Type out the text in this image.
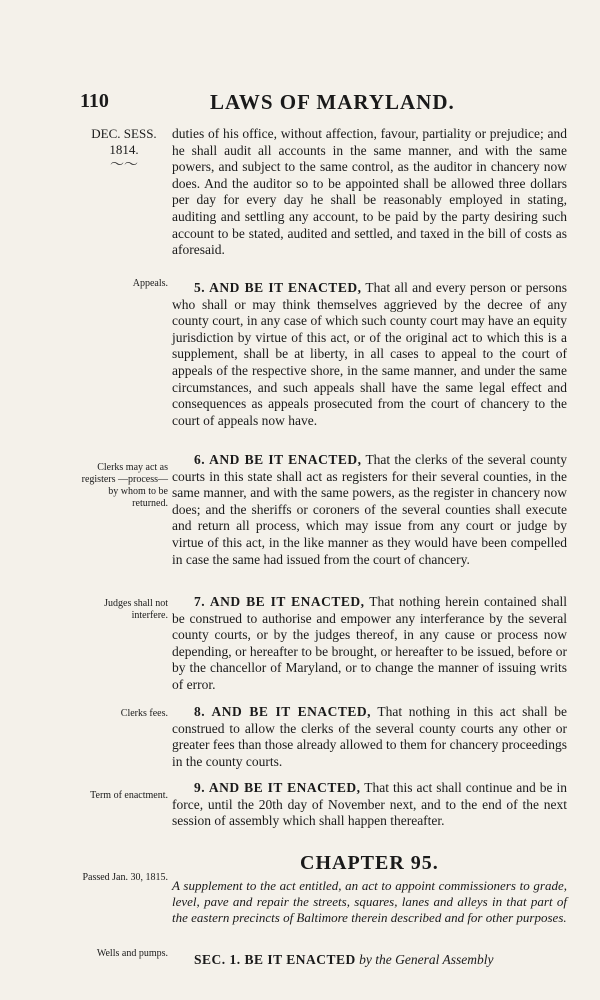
110	LAWS OF MARYLAND.
DEC. SESS. 1814.
〜〜
Appeals.
Clerks may act as registers —process—by whom to be returned.
Judges shall not interfere.
Clerks fees.
Term of enactment.
Passed Jan. 30, 1815.
Wells and pumps.

duties of his office, without affection, favour, partiality or prejudice; and he shall audit all accounts in the same manner, and with the same powers, and subject to the same control, as the auditor in chancery now does. And the auditor so to be appointed shall be allowed three dollars per day for every day he shall be reasonably employed in stating, auditing and settling any account, to be paid by the party desiring such account to be stated, audited and settled, and taxed in the bill of costs as aforesaid.

5. AND BE IT ENACTED, That all and every person or persons who shall or may think themselves aggrieved by the decree of any county court, in any case of which such county court may have an equity jurisdiction by virtue of this act, or of the original act to which this is a supplement, shall be at liberty, in all cases to appeal to the court of appeals of the respective shore, in the same manner, and under the same circumstances, and such appeals shall have the same legal effect and consequences as appeals prosecuted from the court of chancery to the court of appeals now have.

6. AND BE IT ENACTED, That the clerks of the several county courts in this state shall act as registers for their several counties, in the same manner, and with the same powers, as the register in chancery now does; and the sheriffs or coroners of the several counties shall execute and return all process, which may issue from any court or judge by virtue of this act, in the like manner as they would have been compelled in case the same had issued from the court of chancery.

7. AND BE IT ENACTED, That nothing herein contained shall be construed to authorise and empower any interferance by the several county courts, or by the judges thereof, in any cause or process now depending, or hereafter to be brought, or hereafter to be issued, before or by the chancellor of Maryland, or to change the manner of issuing writs of error.

8. AND BE IT ENACTED, That nothing in this act shall be construed to allow the clerks of the several county courts any other or greater fees than those already allowed to them for chancery proceedings in the county courts.

9. AND BE IT ENACTED, That this act shall continue and be in force, until the 20th day of November next, and to the end of the next session of assembly which shall happen thereafter.

CHAPTER 95.
A supplement to the act entitled, an act to appoint commissioners to grade, level, pave and repair the streets, squares, lanes and alleys in that part of the eastern precincts of Baltimore therein described and for other purposes.

SEC. 1. BE IT ENACTED by the General Assembly
